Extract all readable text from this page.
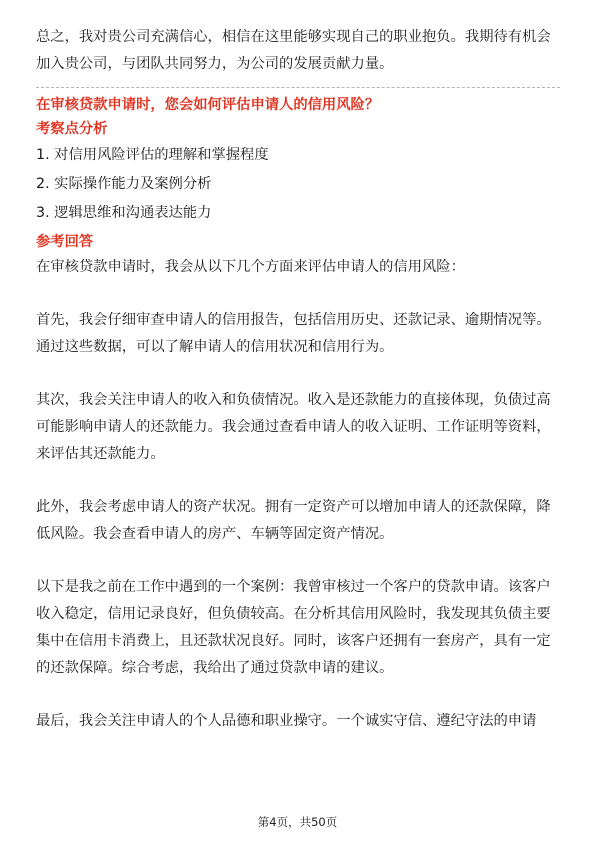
总之，我对贵公司充满信心，相信在这里能够实现自己的职业抱负。我期待有机会加入贵公司，与团队共同努力，为公司的发展贡献力量。

在审核贷款申请时，您会如何评估申请人的信用风险？
考察点分析
1. 对信用风险评估的理解和掌握程度
2. 实际操作能力及案例分析
3. 逻辑思维和沟通表达能力
参考回答

在审核贷款申请时，我会从以下几个方面来评估申请人的信用风险：

首先，我会仔细审查申请人的信用报告，包括信用历史、还款记录、逾期情况等。通过这些数据，可以了解申请人的信用状况和信用行为。

其次，我会关注申请人的收入和负债情况。收入是还款能力的直接体现，负债过高可能影响申请人的还款能力。我会通过查看申请人的收入证明、工作证明等资料，来评估其还款能力。

此外，我会考虑申请人的资产状况。拥有一定资产可以增加申请人的还款保障，降低风险。我会查看申请人的房产、车辆等固定资产情况。

以下是我之前在工作中遇到的一个案例：我曾审核过一个客户的贷款申请。该客户收入稳定，信用记录良好，但负债较高。在分析其信用风险时，我发现其负债主要集中在信用卡消费上，且还款状况良好。同时，该客户还拥有一套房产，具有一定的还款保障。综合考虑，我给出了通过贷款申请的建议。

最后，我会关注申请人的个人品德和职业操守。一个诚实守信、遵纪守法的申请

第4页，共50页
